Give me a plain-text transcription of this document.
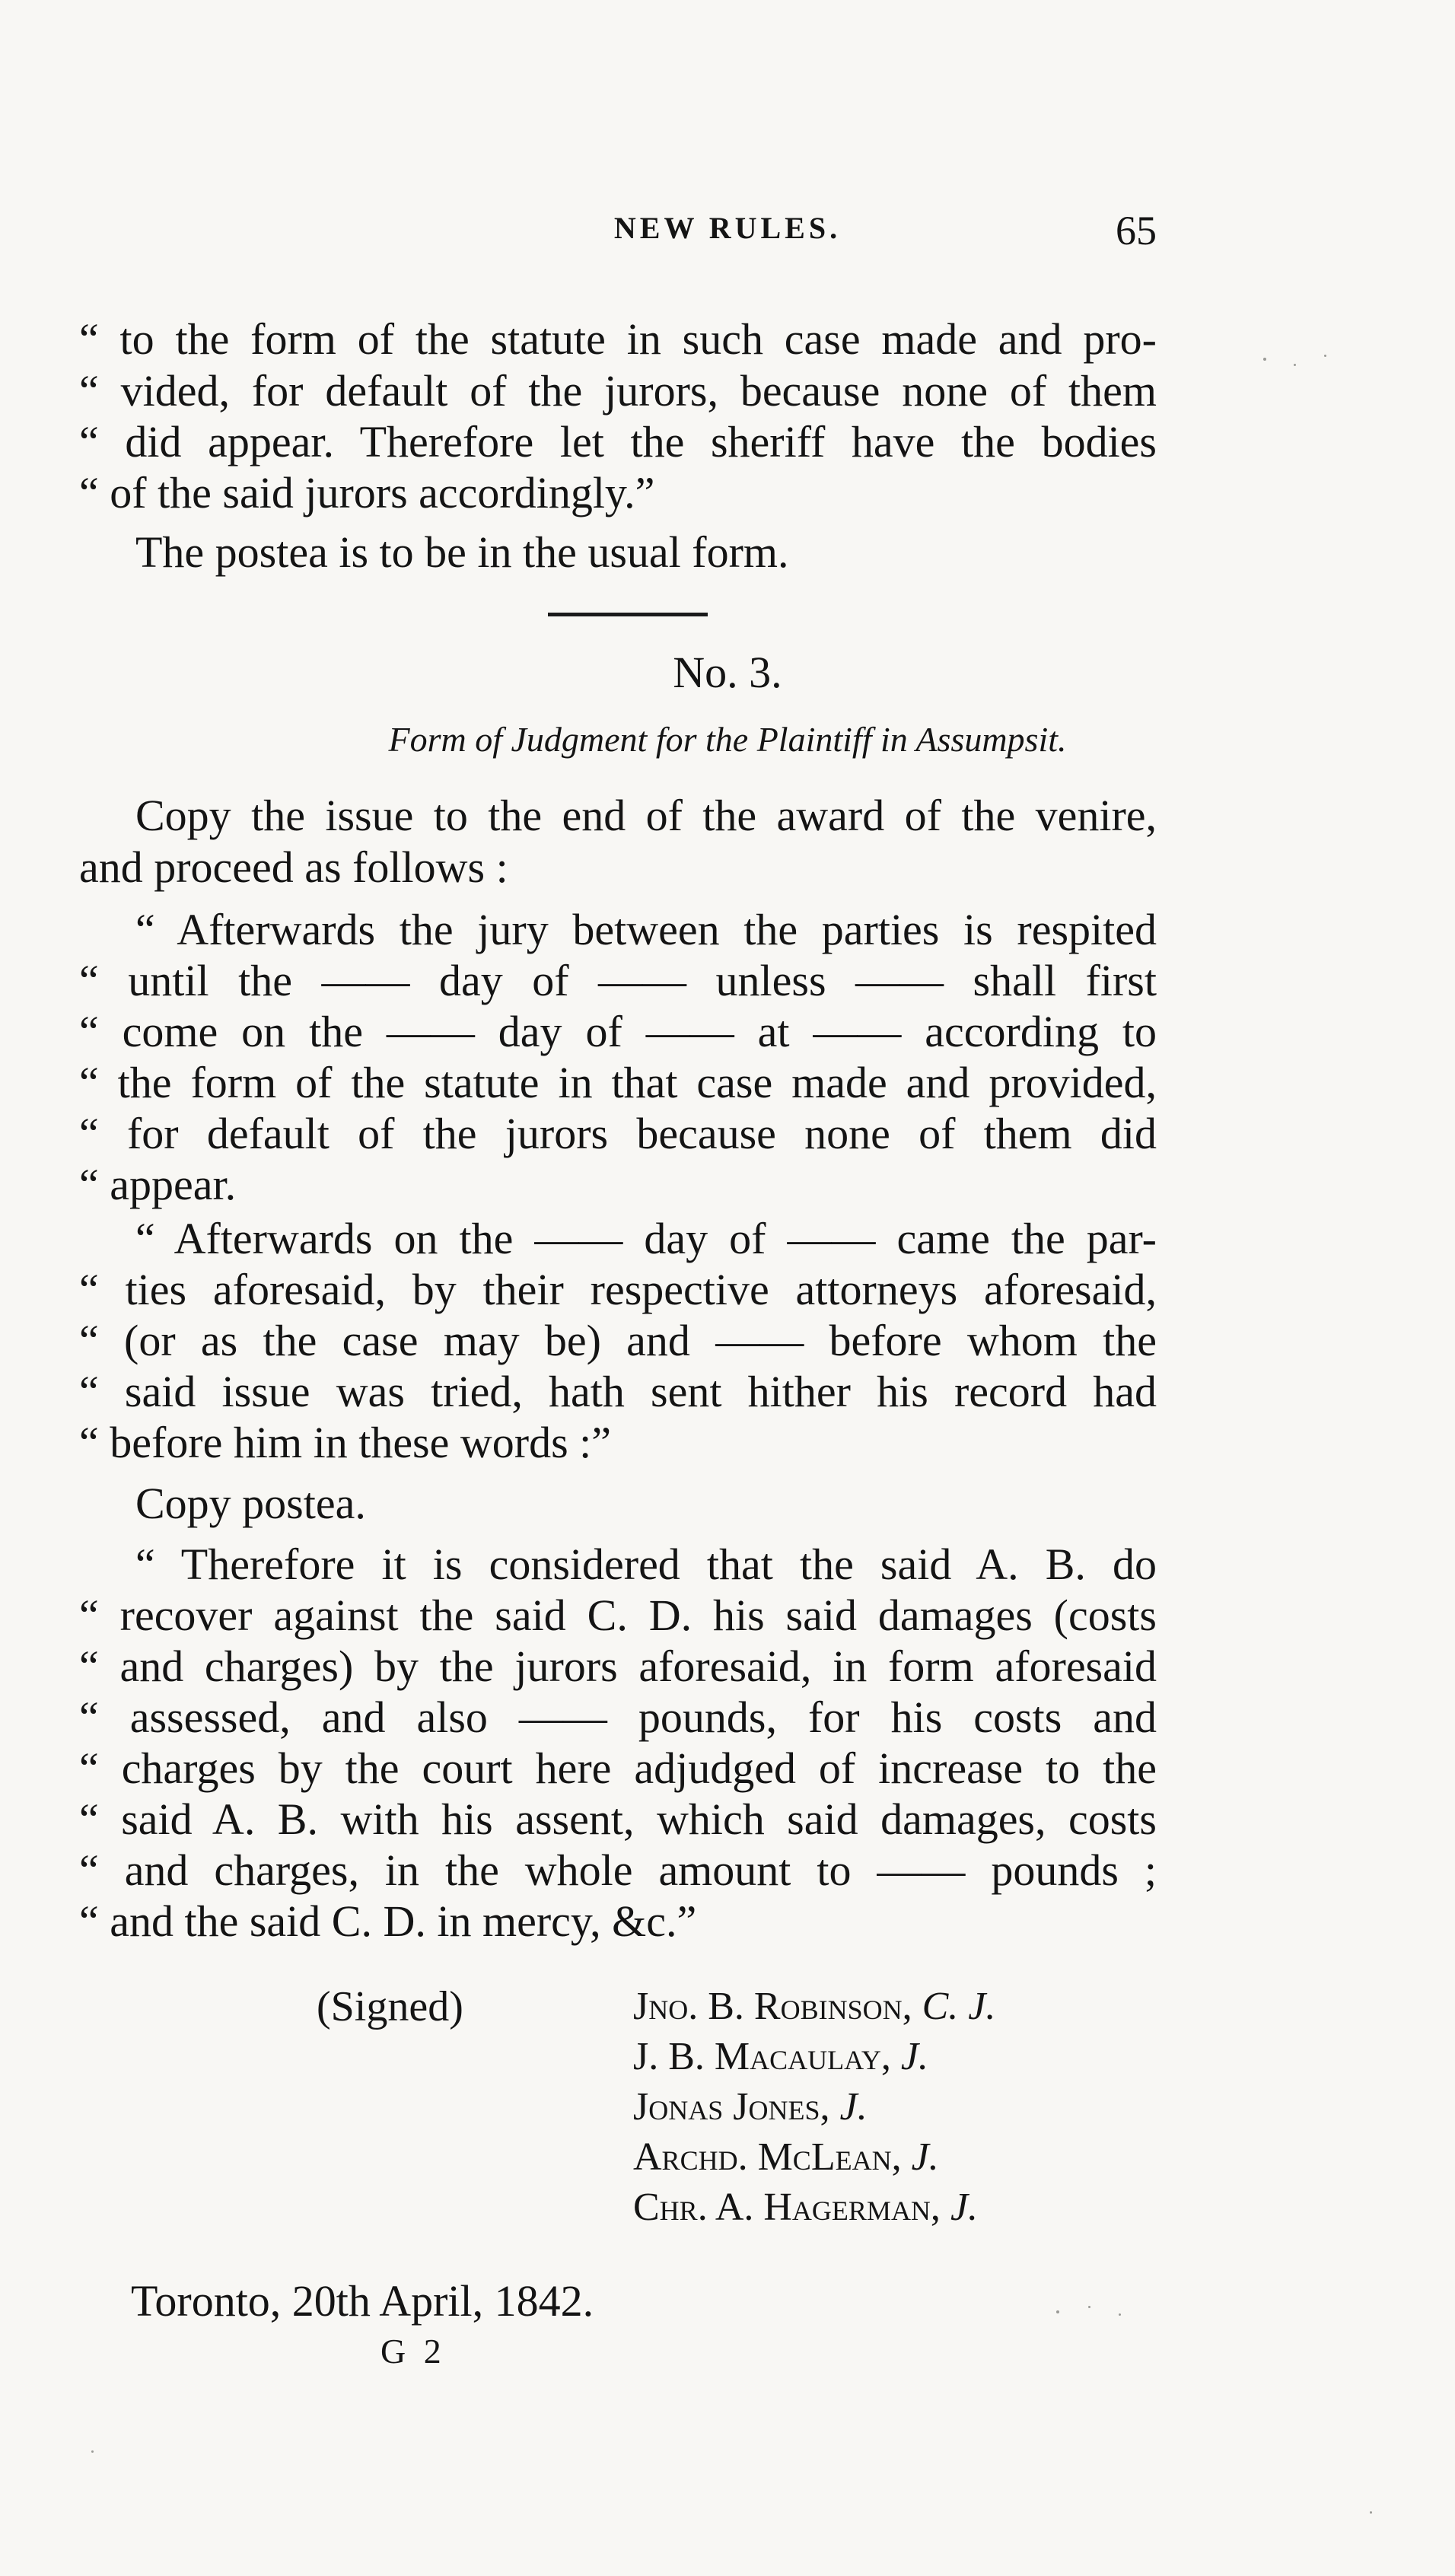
NEW RULES.	65
“ to the form of the statute in such case made and pro-
“ vided, for default of the jurors, because none of them
“ did appear. Therefore let the sheriff have the bodies
“ of the said jurors accordingly.”
The postea is to be in the usual form.
No. 3.
Form of Judgment for the Plaintiff in Assumpsit.
Copy the issue to the end of the award of the venire,
and proceed as follows :
“ Afterwards the jury between the parties is respited
“ until the —— day of —— unless —— shall first
“ come on the —— day of —— at —— according to
“ the form of the statute in that case made and provided,
“ for default of the jurors because none of them did
“ appear.
“ Afterwards on the —— day of —— came the par-
“ ties aforesaid, by their respective attorneys aforesaid,
“ (or as the case may be) and —— before whom the
“ said issue was tried, hath sent hither his record had
“ before him in these words :”
Copy postea.
“ Therefore it is considered that the said A. B. do
“ recover against the said C. D. his said damages (costs
“ and charges) by the jurors aforesaid, in form aforesaid
“ assessed, and also —— pounds, for his costs and
“ charges by the court here adjudged of increase to the
“ said A. B. with his assent, which said damages, costs
“ and charges, in the whole amount to —— pounds ;
“ and the said C. D. in mercy, &c.”
(Signed)	Jno. B. Robinson, C. J.
J. B. Macaulay, J.
Jonas Jones, J.
Archd. McLean, J.
Chr. A. Hagerman, J.
Toronto, 20th April, 1842.
G 2
